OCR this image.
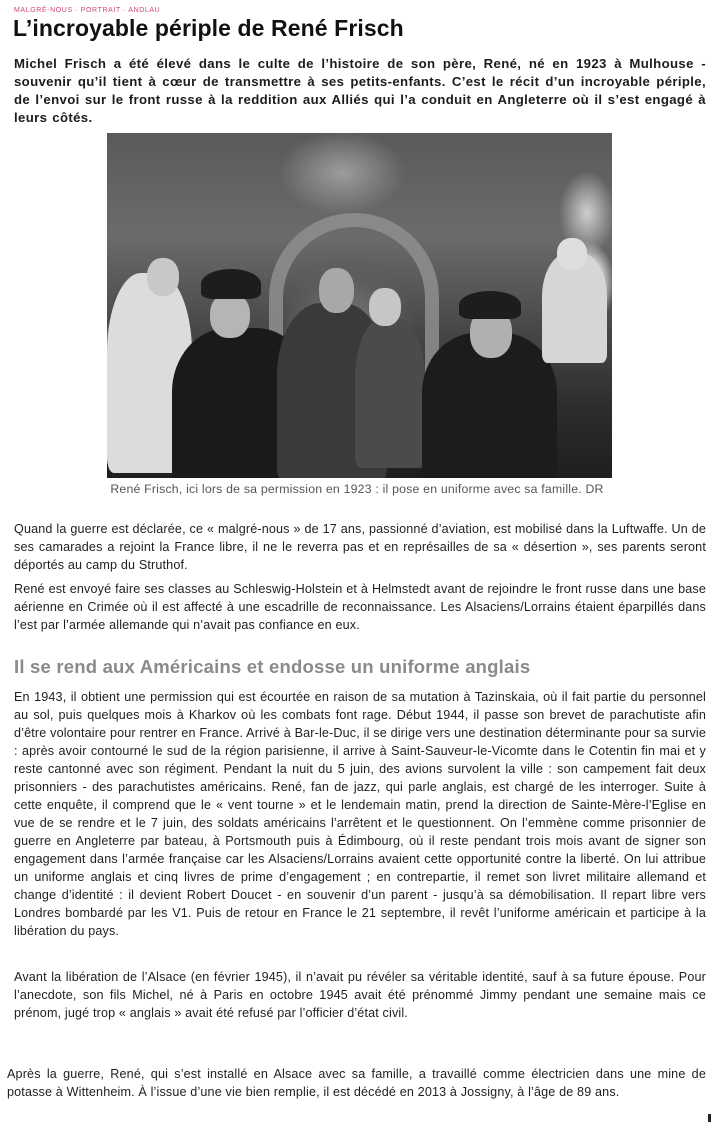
MALGRÉ-NOUS · PORTRAIT · ANDLAU
L’incroyable périple de René Frisch

Michel Frisch a été élevé dans le culte de l’histoire de son père, René, né en 1923 à Mulhouse - souvenir qu’il tient à cœur de transmettre à ses petits-enfants. C’est le récit d’un incroyable périple, de l’envoi sur le front russe à la reddition aux Alliés qui l’a conduit en Angleterre où il s’est engagé à leurs côtés.

René Frisch, ici lors de sa permission en 1923 : il pose en uniforme avec sa famille. DR

Quand la guerre est déclarée, ce « malgré-nous » de 17 ans, passionné d’aviation, est mobilisé dans la Luftwaffe. Un de ses camarades a rejoint la France libre, il ne le reverra pas et en représailles de sa « désertion », ses parents seront déportés au camp du Struthof.

René est envoyé faire ses classes au Schleswig-Holstein et à Helmstedt avant de rejoindre le front russe dans une base aérienne en Crimée où il est affecté à une escadrille de reconnaissance. Les Alsaciens/Lorrains étaient éparpillés dans l’est par l’armée allemande qui n’avait pas confiance en eux.

Il se rend aux Américains et endosse un uniforme anglais

En 1943, il obtient une permission qui est écourtée en raison de sa mutation à Tazinskaia, où il fait partie du personnel au sol, puis quelques mois à Kharkov où les combats font rage. Début 1944, il passe son brevet de parachutiste afin d’être volontaire pour rentrer en France. Arrivé à Bar-le-Duc, il se dirige vers une destination déterminante pour sa survie : après avoir contourné le sud de la région parisienne, il arrive à Saint-Sauveur-le-Vicomte dans le Cotentin fin mai et y reste cantonné avec son régiment. Pendant la nuit du 5 juin, des avions survolent la ville : son campement fait deux prisonniers - des parachutistes américains. René, fan de jazz, qui parle anglais, est chargé de les interroger. Suite à cette enquête, il comprend que le « vent tourne » et le lendemain matin, prend la direction de Sainte-Mère-l’Eglise en vue de se rendre et le 7 juin, des soldats américains l’arrêtent et le questionnent. On l’emmène comme prisonnier de guerre en Angleterre par bateau, à Portsmouth puis à Édimbourg, où il reste pendant trois mois avant de signer son engagement dans l’armée française car les Alsaciens/Lorrains avaient cette opportunité contre la liberté. On lui attribue un uniforme anglais et cinq livres de prime d’engagement ; en contrepartie, il remet son livret militaire allemand et change d’identité : il devient Robert Doucet - en souvenir d’un parent - jusqu’à sa démobilisation. Il repart libre vers Londres bombardé par les V1. Puis de retour en France le 21 septembre, il revêt l’uniforme américain et participe à la libération du pays.

Avant la libération de l’Alsace (en février 1945), il n’avait pu révéler sa véritable identité, sauf à sa future épouse. Pour l’anecdote, son fils Michel, né à Paris en octobre 1945 avait été prénommé Jimmy pendant une semaine mais ce prénom, jugé trop « anglais » avait été refusé par l’officier d’état civil.

Après la guerre, René, qui s’est installé en Alsace avec sa famille, a travaillé comme électricien dans une mine de potasse à Wittenheim. À l’issue d’une vie bien remplie, il est décédé en 2013 à Jossigny, à l’âge de 89 ans.
